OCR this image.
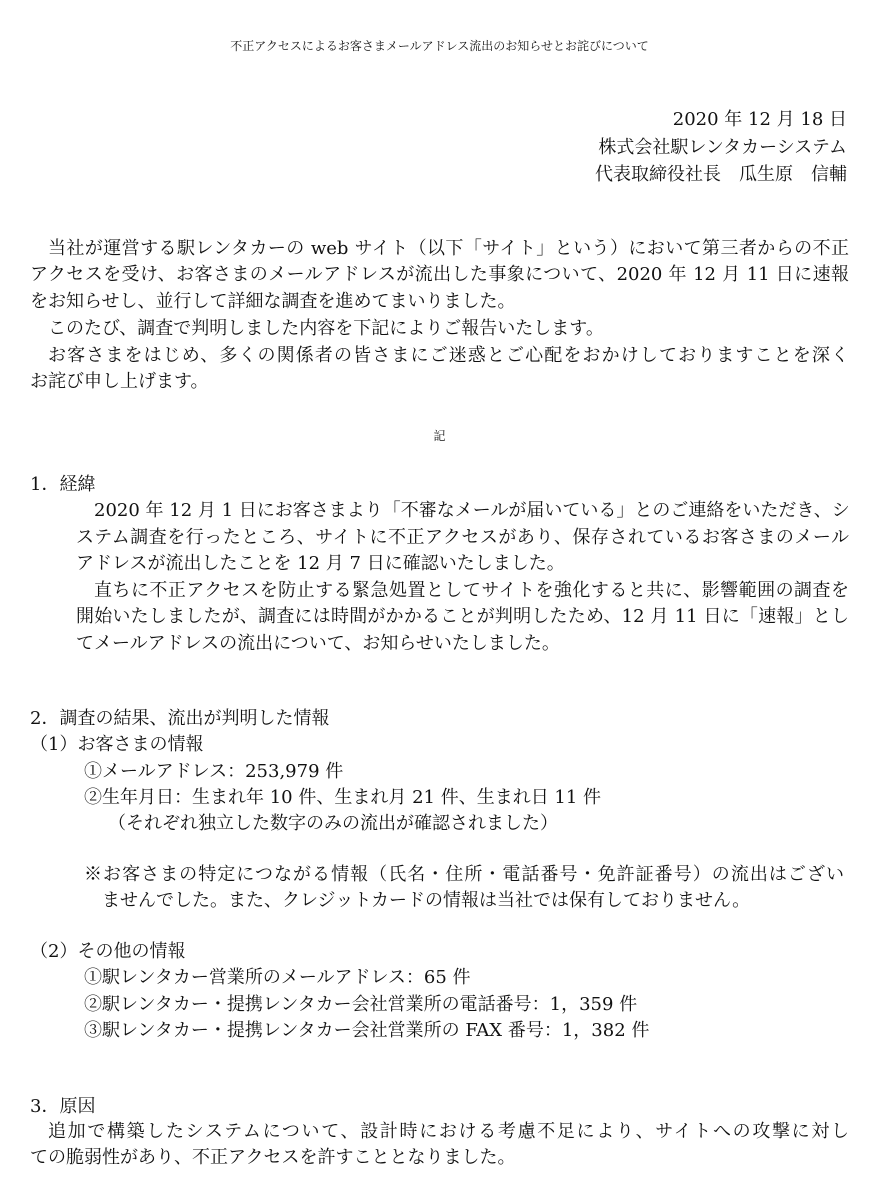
不正アクセスによるお客さまメールアドレス流出のお知らせとお詫びについて

2020 年 12 月 18 日

株式会社駅レンタカーシステム

代表取締役社長　瓜生原　信輔

当社が運営する駅レンタカーの web サイト（以下「サイト」という）において第三者からの不正

アクセスを受け、お客さまのメールアドレスが流出した事象について、2020 年 12 月 11 日に速報

をお知らせし、並行して詳細な調査を進めてまいりました。

このたび、調査で判明しました内容を下記によりご報告いたします。

お客さまをはじめ、多くの関係者の皆さまにご迷惑とご心配をおかけしておりますことを深く

お詫び申し上げます。

記

1．経緯

2020 年 12 月 1 日にお客さまより「不審なメールが届いている」とのご連絡をいただき、シ

ステム調査を行ったところ、サイトに不正アクセスがあり、保存されているお客さまのメール

アドレスが流出したことを 12 月 7 日に確認いたしました。

直ちに不正アクセスを防止する緊急処置としてサイトを強化すると共に、影響範囲の調査を

開始いたしましたが、調査には時間がかかることが判明したため、12 月 11 日に「速報」とし

てメールアドレスの流出について、お知らせいたしました。

2．調査の結果、流出が判明した情報

（1）お客さまの情報

①メールアドレス：253,979 件

②生年月日：生まれ年 10 件、生まれ月 21 件、生まれ日 11 件

（それぞれ独立した数字のみの流出が確認されました）

※お客さまの特定につながる情報（氏名・住所・電話番号・免許証番号）の流出はござい

ませんでした。また、クレジットカードの情報は当社では保有しておりません。

（2）その他の情報

①駅レンタカー営業所のメールアドレス：65 件

②駅レンタカー・提携レンタカー会社営業所の電話番号：1，359 件

③駅レンタカー・提携レンタカー会社営業所の FAX 番号：1，382 件

3．原因

追加で構築したシステムについて、設計時における考慮不足により、サイトへの攻撃に対し

ての脆弱性があり、不正アクセスを許すこととなりました。
